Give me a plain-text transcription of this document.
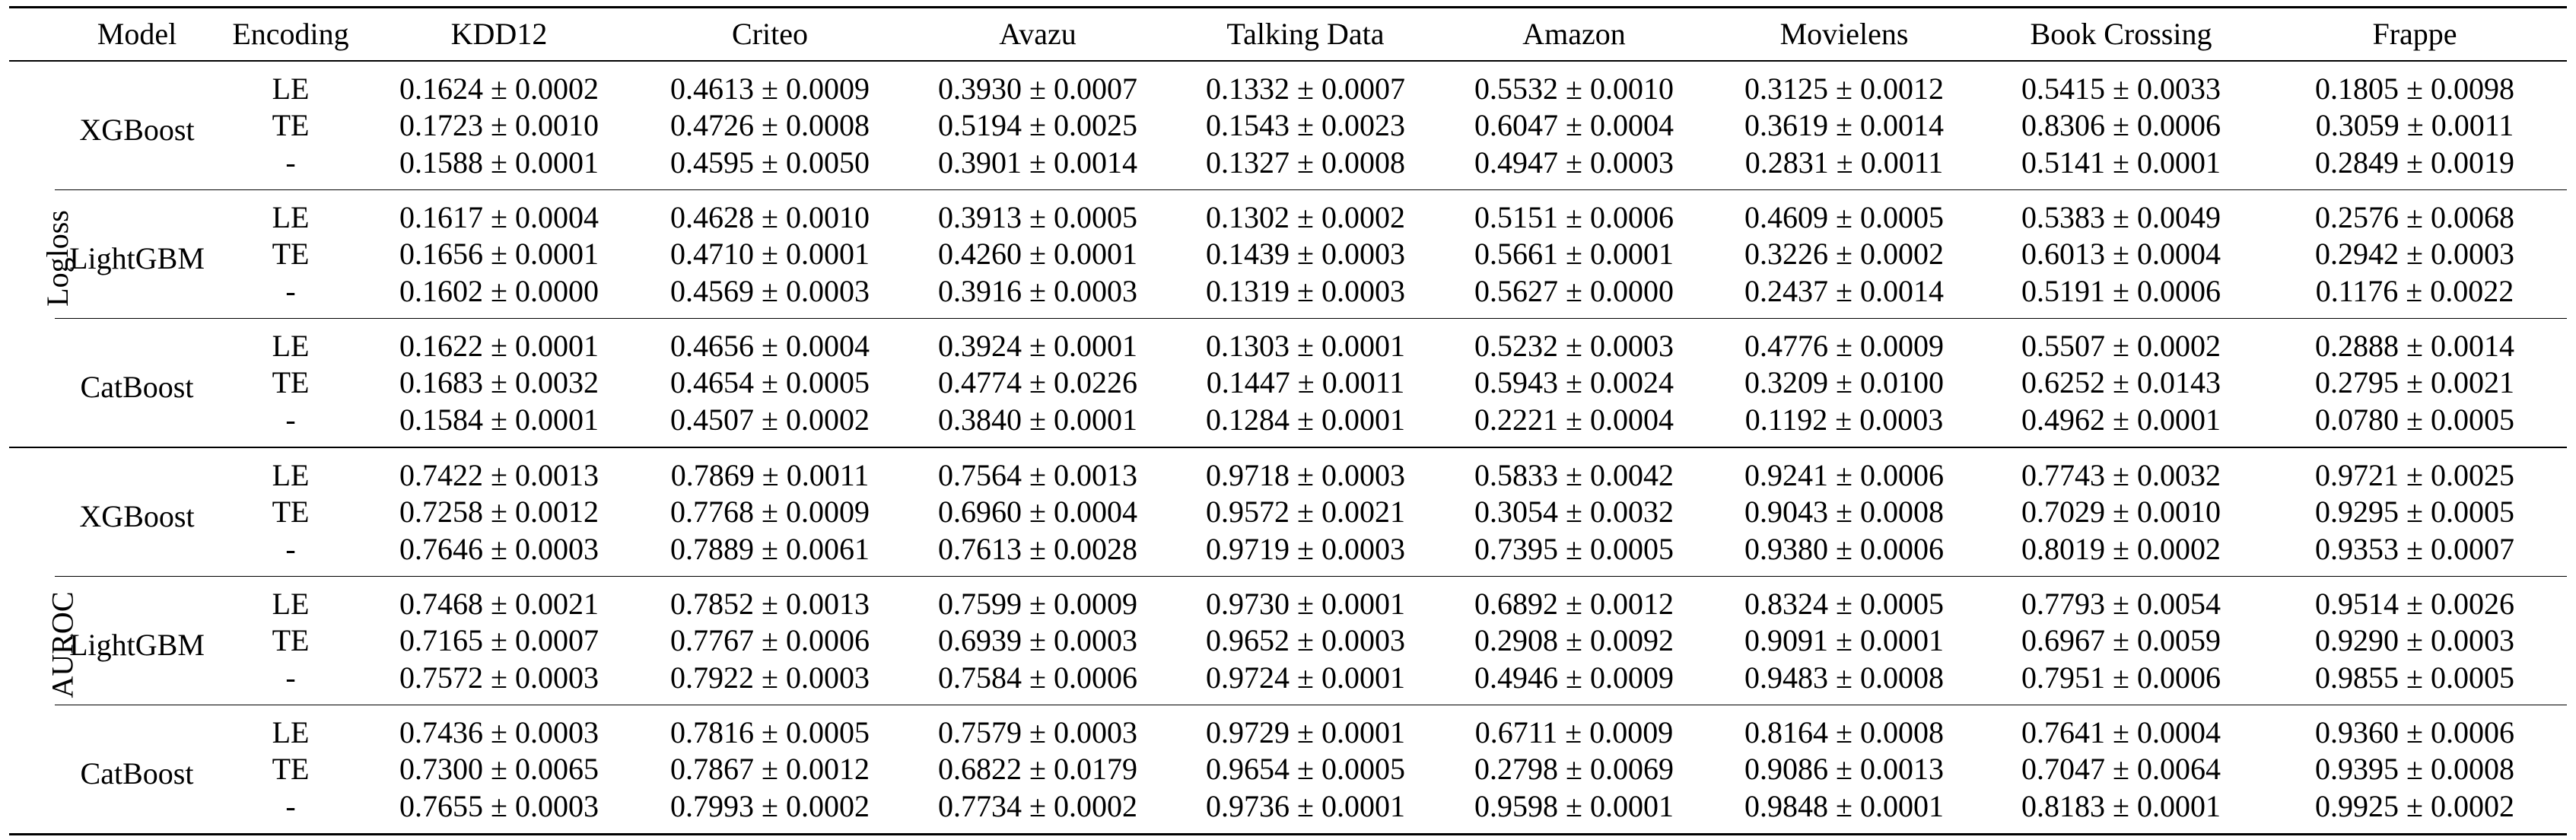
	Model	Encoding	KDD12	Criteo	Avazu	Talking Data	Amazon	Movielens	Book Crossing	Frappe
Logloss	XGBoost	LE	0.1624 ± 0.0002	0.4613 ± 0.0009	0.3930 ± 0.0007	0.1332 ± 0.0007	0.5532 ± 0.0010	0.3125 ± 0.0012	0.5415 ± 0.0033	0.1805 ± 0.0098
		TE	0.1723 ± 0.0010	0.4726 ± 0.0008	0.5194 ± 0.0025	0.1543 ± 0.0023	0.6047 ± 0.0004	0.3619 ± 0.0014	0.8306 ± 0.0006	0.3059 ± 0.0011
		-	0.1588 ± 0.0001	0.4595 ± 0.0050	0.3901 ± 0.0014	0.1327 ± 0.0008	0.4947 ± 0.0003	0.2831 ± 0.0011	0.5141 ± 0.0001	0.2849 ± 0.0019
	LightGBM	LE	0.1617 ± 0.0004	0.4628 ± 0.0010	0.3913 ± 0.0005	0.1302 ± 0.0002	0.5151 ± 0.0006	0.4609 ± 0.0005	0.5383 ± 0.0049	0.2576 ± 0.0068
		TE	0.1656 ± 0.0001	0.4710 ± 0.0001	0.4260 ± 0.0001	0.1439 ± 0.0003	0.5661 ± 0.0001	0.3226 ± 0.0002	0.6013 ± 0.0004	0.2942 ± 0.0003
		-	0.1602 ± 0.0000	0.4569 ± 0.0003	0.3916 ± 0.0003	0.1319 ± 0.0003	0.5627 ± 0.0000	0.2437 ± 0.0014	0.5191 ± 0.0006	0.1176 ± 0.0022
	CatBoost	LE	0.1622 ± 0.0001	0.4656 ± 0.0004	0.3924 ± 0.0001	0.1303 ± 0.0001	0.5232 ± 0.0003	0.4776 ± 0.0009	0.5507 ± 0.0002	0.2888 ± 0.0014
		TE	0.1683 ± 0.0032	0.4654 ± 0.0005	0.4774 ± 0.0226	0.1447 ± 0.0011	0.5943 ± 0.0024	0.3209 ± 0.0100	0.6252 ± 0.0143	0.2795 ± 0.0021
		-	0.1584 ± 0.0001	0.4507 ± 0.0002	0.3840 ± 0.0001	0.1284 ± 0.0001	0.2221 ± 0.0004	0.1192 ± 0.0003	0.4962 ± 0.0001	0.0780 ± 0.0005
AUROC	XGBoost	LE	0.7422 ± 0.0013	0.7869 ± 0.0011	0.7564 ± 0.0013	0.9718 ± 0.0003	0.5833 ± 0.0042	0.9241 ± 0.0006	0.7743 ± 0.0032	0.9721 ± 0.0025
		TE	0.7258 ± 0.0012	0.7768 ± 0.0009	0.6960 ± 0.0004	0.9572 ± 0.0021	0.3054 ± 0.0032	0.9043 ± 0.0008	0.7029 ± 0.0010	0.9295 ± 0.0005
		-	0.7646 ± 0.0003	0.7889 ± 0.0061	0.7613 ± 0.0028	0.9719 ± 0.0003	0.7395 ± 0.0005	0.9380 ± 0.0006	0.8019 ± 0.0002	0.9353 ± 0.0007
	LightGBM	LE	0.7468 ± 0.0021	0.7852 ± 0.0013	0.7599 ± 0.0009	0.9730 ± 0.0001	0.6892 ± 0.0012	0.8324 ± 0.0005	0.7793 ± 0.0054	0.9514 ± 0.0026
		TE	0.7165 ± 0.0007	0.7767 ± 0.0006	0.6939 ± 0.0003	0.9652 ± 0.0003	0.2908 ± 0.0092	0.9091 ± 0.0001	0.6967 ± 0.0059	0.9290 ± 0.0003
		-	0.7572 ± 0.0003	0.7922 ± 0.0003	0.7584 ± 0.0006	0.9724 ± 0.0001	0.4946 ± 0.0009	0.9483 ± 0.0008	0.7951 ± 0.0006	0.9855 ± 0.0005
	CatBoost	LE	0.7436 ± 0.0003	0.7816 ± 0.0005	0.7579 ± 0.0003	0.9729 ± 0.0001	0.6711 ± 0.0009	0.8164 ± 0.0008	0.7641 ± 0.0004	0.9360 ± 0.0006
		TE	0.7300 ± 0.0065	0.7867 ± 0.0012	0.6822 ± 0.0179	0.9654 ± 0.0005	0.2798 ± 0.0069	0.9086 ± 0.0013	0.7047 ± 0.0064	0.9395 ± 0.0008
		-	0.7655 ± 0.0003	0.7993 ± 0.0002	0.7734 ± 0.0002	0.9736 ± 0.0001	0.9598 ± 0.0001	0.9848 ± 0.0001	0.8183 ± 0.0001	0.9925 ± 0.0002
